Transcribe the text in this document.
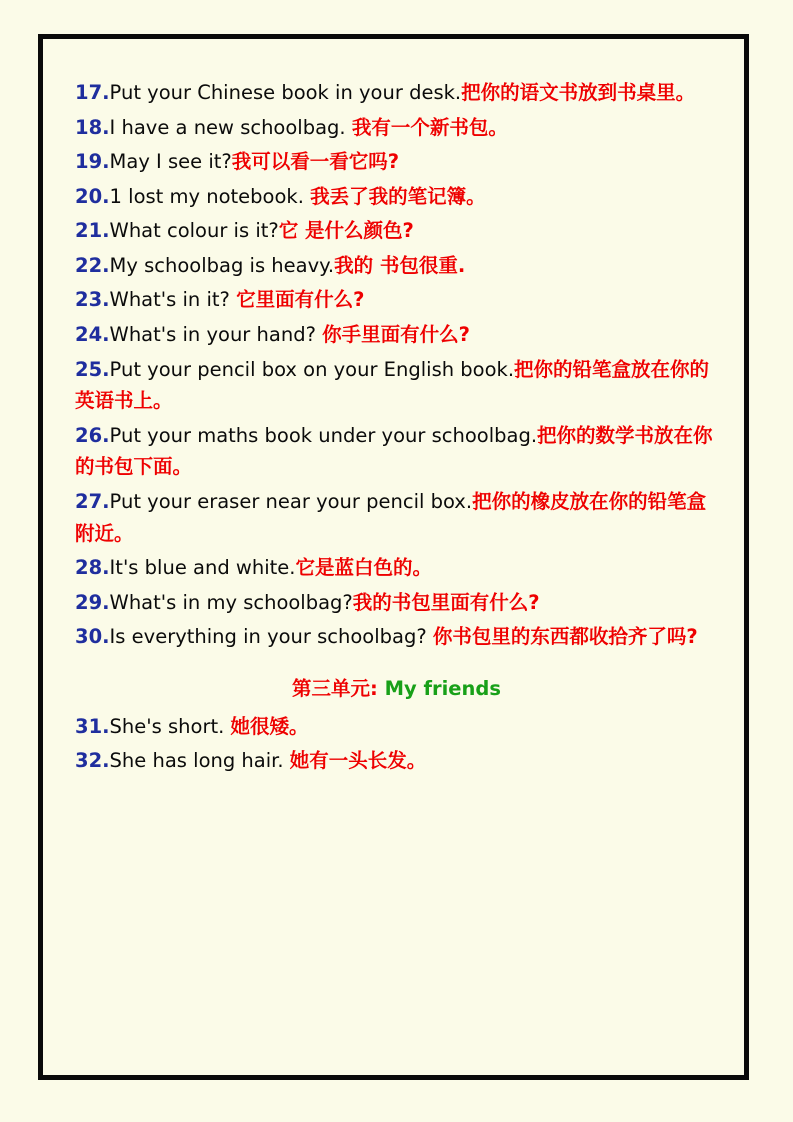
17.Put your Chinese book in your desk.把你的语文书放到书桌里。

18.I have a new schoolbag. 我有一个新书包。

19.May I see it?我可以看一看它吗?

20.1 lost my notebook. 我丢了我的笔记簿。

21.What colour is it?它 是什么颜色?

22.My schoolbag is heavy.我的 书包很重.

23.What's in it? 它里面有什么?

24.What's in your hand? 你手里面有什么?

25.Put your pencil box on your English book.把你的铅笔盒放在你的英语书上。

26.Put your maths book under your schoolbag.把你的数学书放在你的书包下面。

27.Put your eraser near your pencil box.把你的橡皮放在你的铅笔盒附近。

28.It's blue and white.它是蓝白色的。

29.What's in my schoolbag?我的书包里面有什么?

30.Is everything in your schoolbag? 你书包里的东西都收拾齐了吗?

第三单元: My friends

31.She's short. 她很矮。

32.She has long hair. 她有一头长发。
